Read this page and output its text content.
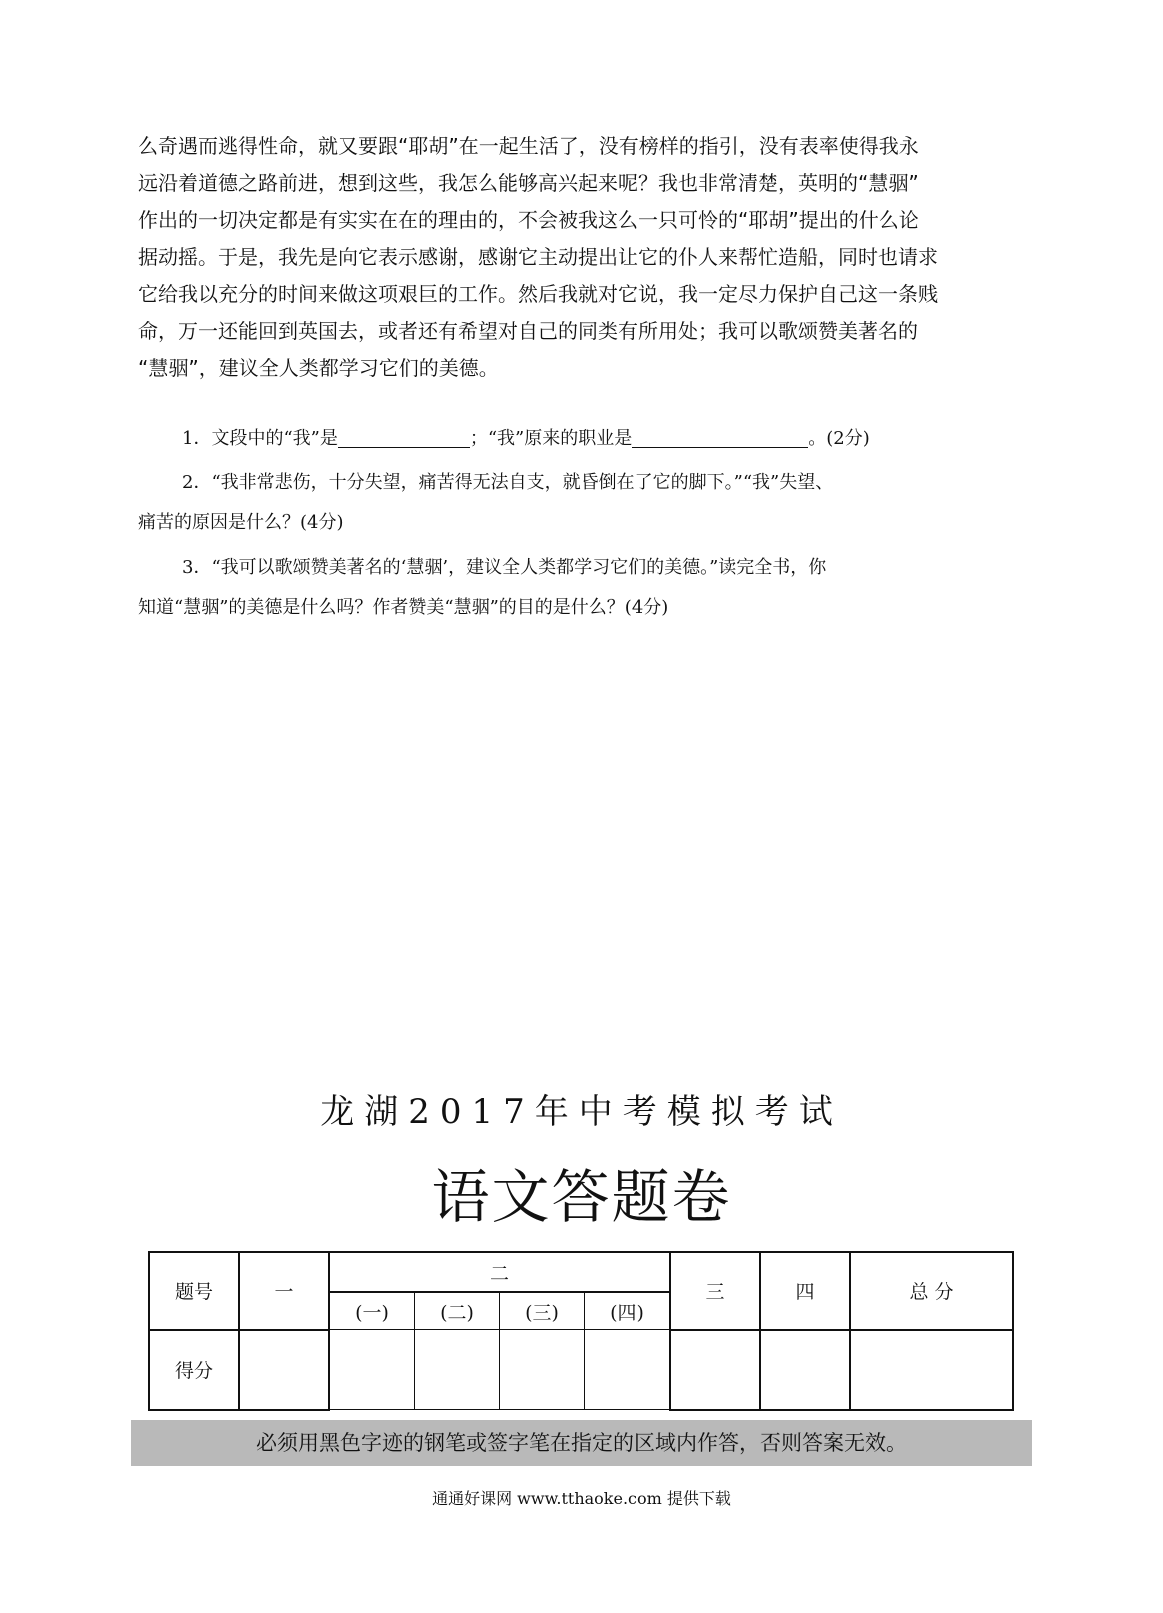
么奇遇而逃得性命，就又要跟“耶胡”在一起生活了，没有榜样的指引，没有表率使得我永

远沿着道德之路前进，想到这些，我怎么能够高兴起来呢？我也非常清楚，英明的“慧骃”

作出的一切决定都是有实实在在的理由的，不会被我这么一只可怜的“耶胡”提出的什么论

据动摇。于是，我先是向它表示感谢，感谢它主动提出让它的仆人来帮忙造船，同时也请求

它给我以充分的时间来做这项艰巨的工作。然后我就对它说，我一定尽力保护自己这一条贱

命，万一还能回到英国去，或者还有希望对自己的同类有所用处；我可以歌颂赞美著名的

“慧骃”，建议全人类都学习它们的美德。

1．文段中的“我”是	；“我”原来的职业是	。(2分)

2．“我非常悲伤，十分失望，痛苦得无法自支，就昏倒在了它的脚下。”“我”失望、

痛苦的原因是什么？(4分)

3．“我可以歌颂赞美著名的‘慧骃’，建议全人类都学习它们的美德。”读完全书，你

知道“慧骃”的美德是什么吗？作者赞美“慧骃”的目的是什么？(4分)

龙湖2017年中考模拟考试
语文答题卷
题号	一	二				三	四	总 分
		(一)	(二)	(三)	(四)			
得分								
必须用黑色字迹的钢笔或签字笔在指定的区域内作答，否则答案无效。
通通好课网 www.tthaoke.com 提供下载
